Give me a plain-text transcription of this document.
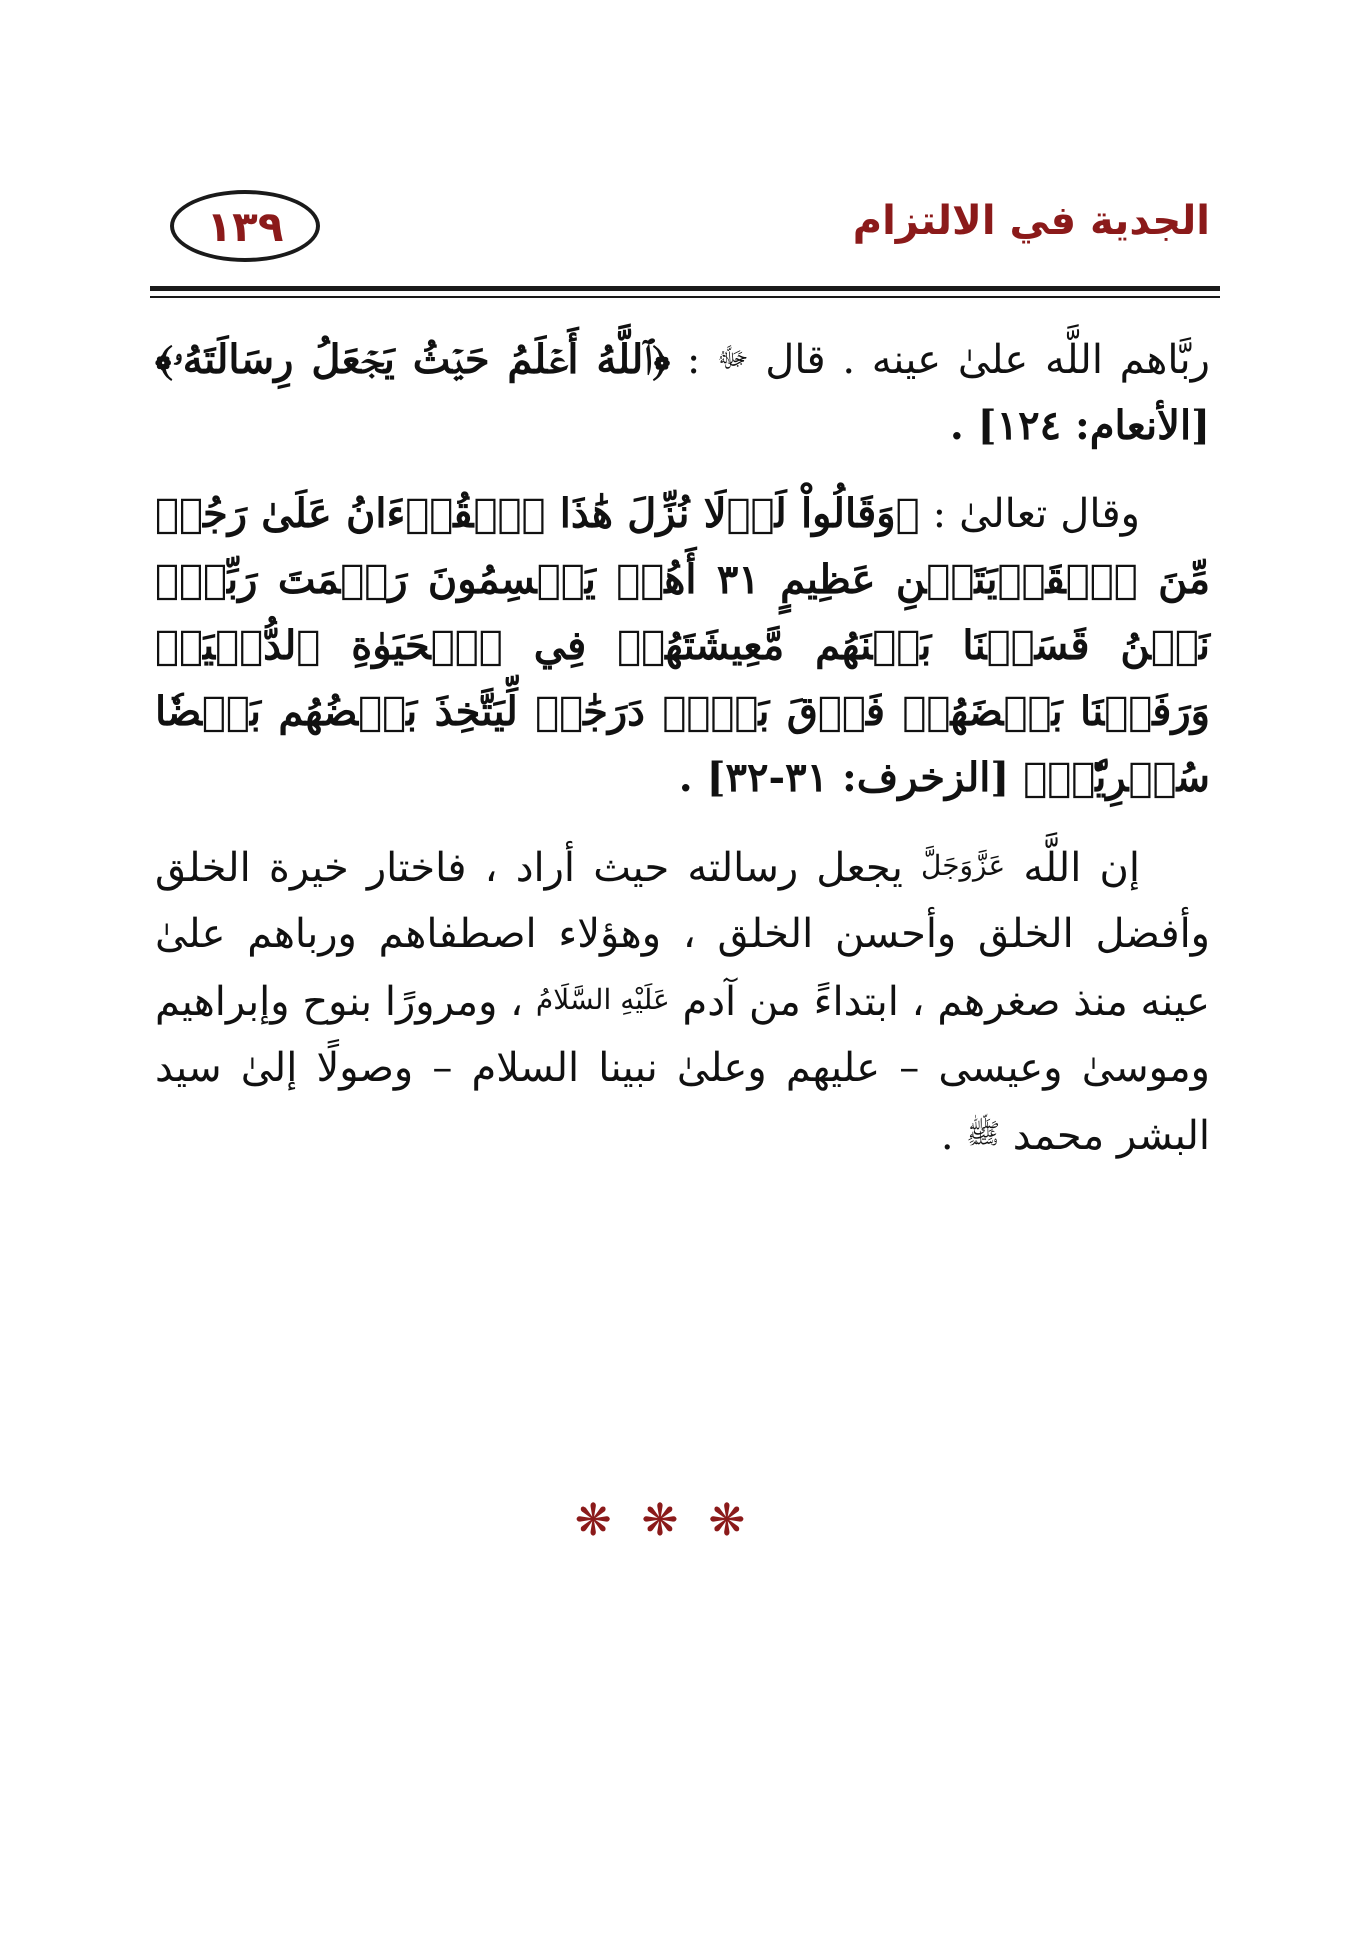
الجدية في الالتزام
١٣٩

ربَّاهم اللَّه علىٰ عينه . قال ﷻ : ﴿ٱللَّهُ أَعۡلَمُ حَيۡثُ يَجۡعَلُ رِسَالَتَهُۥ﴾ [الأنعام: ١٢٤] .

وقال تعالىٰ : ﴿وَقَالُواْ لَوۡلَا نُزِّلَ هَٰذَا ٱلۡقُرۡءَانُ عَلَىٰ رَجُلٖ مِّنَ ٱلۡقَرۡيَتَيۡنِ عَظِيمٍ ٣١ أَهُمۡ يَقۡسِمُونَ رَحۡمَتَ رَبِّكَۚ نَحۡنُ قَسَمۡنَا بَيۡنَهُم مَّعِيشَتَهُمۡ فِي ٱلۡحَيَوٰةِ ٱلدُّنۡيَاۚ وَرَفَعۡنَا بَعۡضَهُمۡ فَوۡقَ بَعۡضٖ دَرَجَٰتٖ لِّيَتَّخِذَ بَعۡضُهُم بَعۡضٗا سُخۡرِيّٗاۗ﴾ [الزخرف: ٣١-٣٢] .

إن اللَّه عَزَّوَجَلَّ يجعل رسالته حيث أراد ، فاختار خيرة الخلق وأفضل الخلق وأحسن الخلق ، وهؤلاء اصطفاهم ورباهم علىٰ عينه منذ صغرهم ، ابتداءً من آدم عَلَيْهِ السَّلَامُ ، ومرورًا بنوح وإبراهيم وموسىٰ وعيسى – عليهم وعلىٰ نبينا السلام – وصولًا إلىٰ سيد البشر محمد ﷺ .

❋❋❋
